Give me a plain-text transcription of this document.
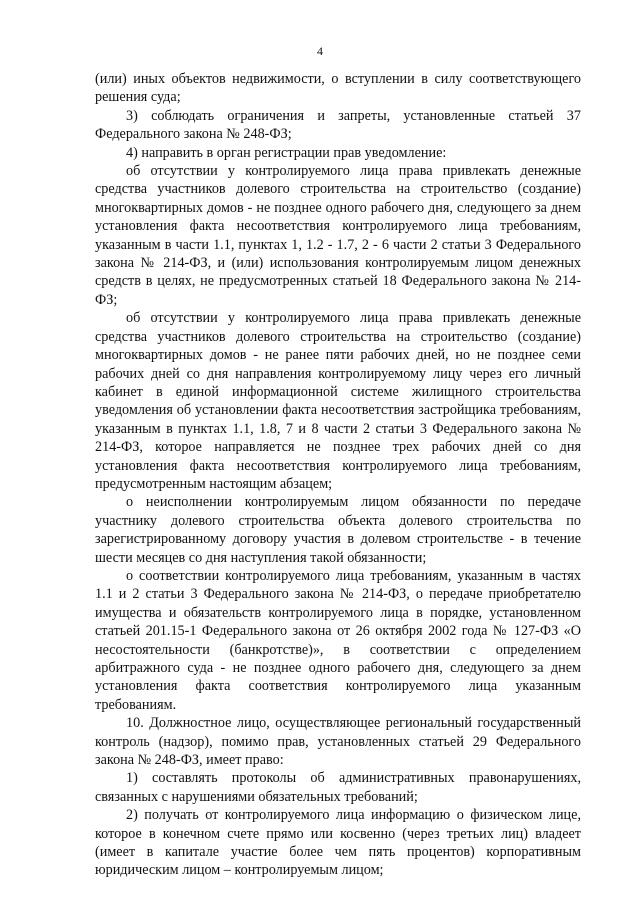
4

(или) иных объектов недвижимости, о вступлении в силу соответствующего решения суда;

3) соблюдать ограничения и запреты, установленные статьей 37 Федерального закона № 248-ФЗ;

4) направить в орган регистрации прав уведомление:

об отсутствии у контролируемого лица права привлекать денежные средства участников долевого строительства на строительство (создание) многоквартирных домов - не позднее одного рабочего дня, следующего за днем установления факта несоответствия контролируемого лица требованиям, указанным в части 1.1, пунктах 1, 1.2 - 1.7, 2 - 6 части 2 статьи 3 Федерального закона № 214-ФЗ, и (или) использования контролируемым лицом денежных средств в целях, не предусмотренных статьей 18 Федерального закона № 214-ФЗ;

об отсутствии у контролируемого лица права привлекать денежные средства участников долевого строительства на строительство (создание) многоквартирных домов - не ранее пяти рабочих дней, но не позднее семи рабочих дней со дня направления контролируемому лицу через его личный кабинет в единой информационной системе жилищного строительства уведомления об установлении факта несоответствия застройщика требованиям, указанным в пунктах 1.1, 1.8, 7 и 8 части 2 статьи 3 Федерального закона № 214-ФЗ, которое направляется не позднее трех рабочих дней со дня установления факта несоответствия контролируемого лица требованиям, предусмотренным настоящим абзацем;

о неисполнении контролируемым лицом обязанности по передаче участнику долевого строительства объекта долевого строительства по зарегистрированному договору участия в долевом строительстве - в течение шести месяцев со дня наступления такой обязанности;

о соответствии контролируемого лица требованиям, указанным в частях 1.1 и 2 статьи 3 Федерального закона № 214-ФЗ, о передаче приобретателю имущества и обязательств контролируемого лица в порядке, установленном статьей 201.15-1 Федерального закона от 26 октября 2002 года № 127-ФЗ «О несостоятельности (банкротстве)», в соответствии с определением арбитражного суда - не позднее одного рабочего дня, следующего за днем установления факта соответствия контролируемого лица указанным требованиям.

10. Должностное лицо, осуществляющее региональный государственный контроль (надзор), помимо прав, установленных статьей 29 Федерального закона № 248-ФЗ, имеет право:

1) составлять протоколы об административных правонарушениях, связанных с нарушениями обязательных требований;

2) получать от контролируемого лица информацию о физическом лице, которое в конечном счете прямо или косвенно (через третьих лиц) владеет (имеет в капитале участие более чем пять процентов) корпоративным юридическим лицом – контролируемым лицом;
